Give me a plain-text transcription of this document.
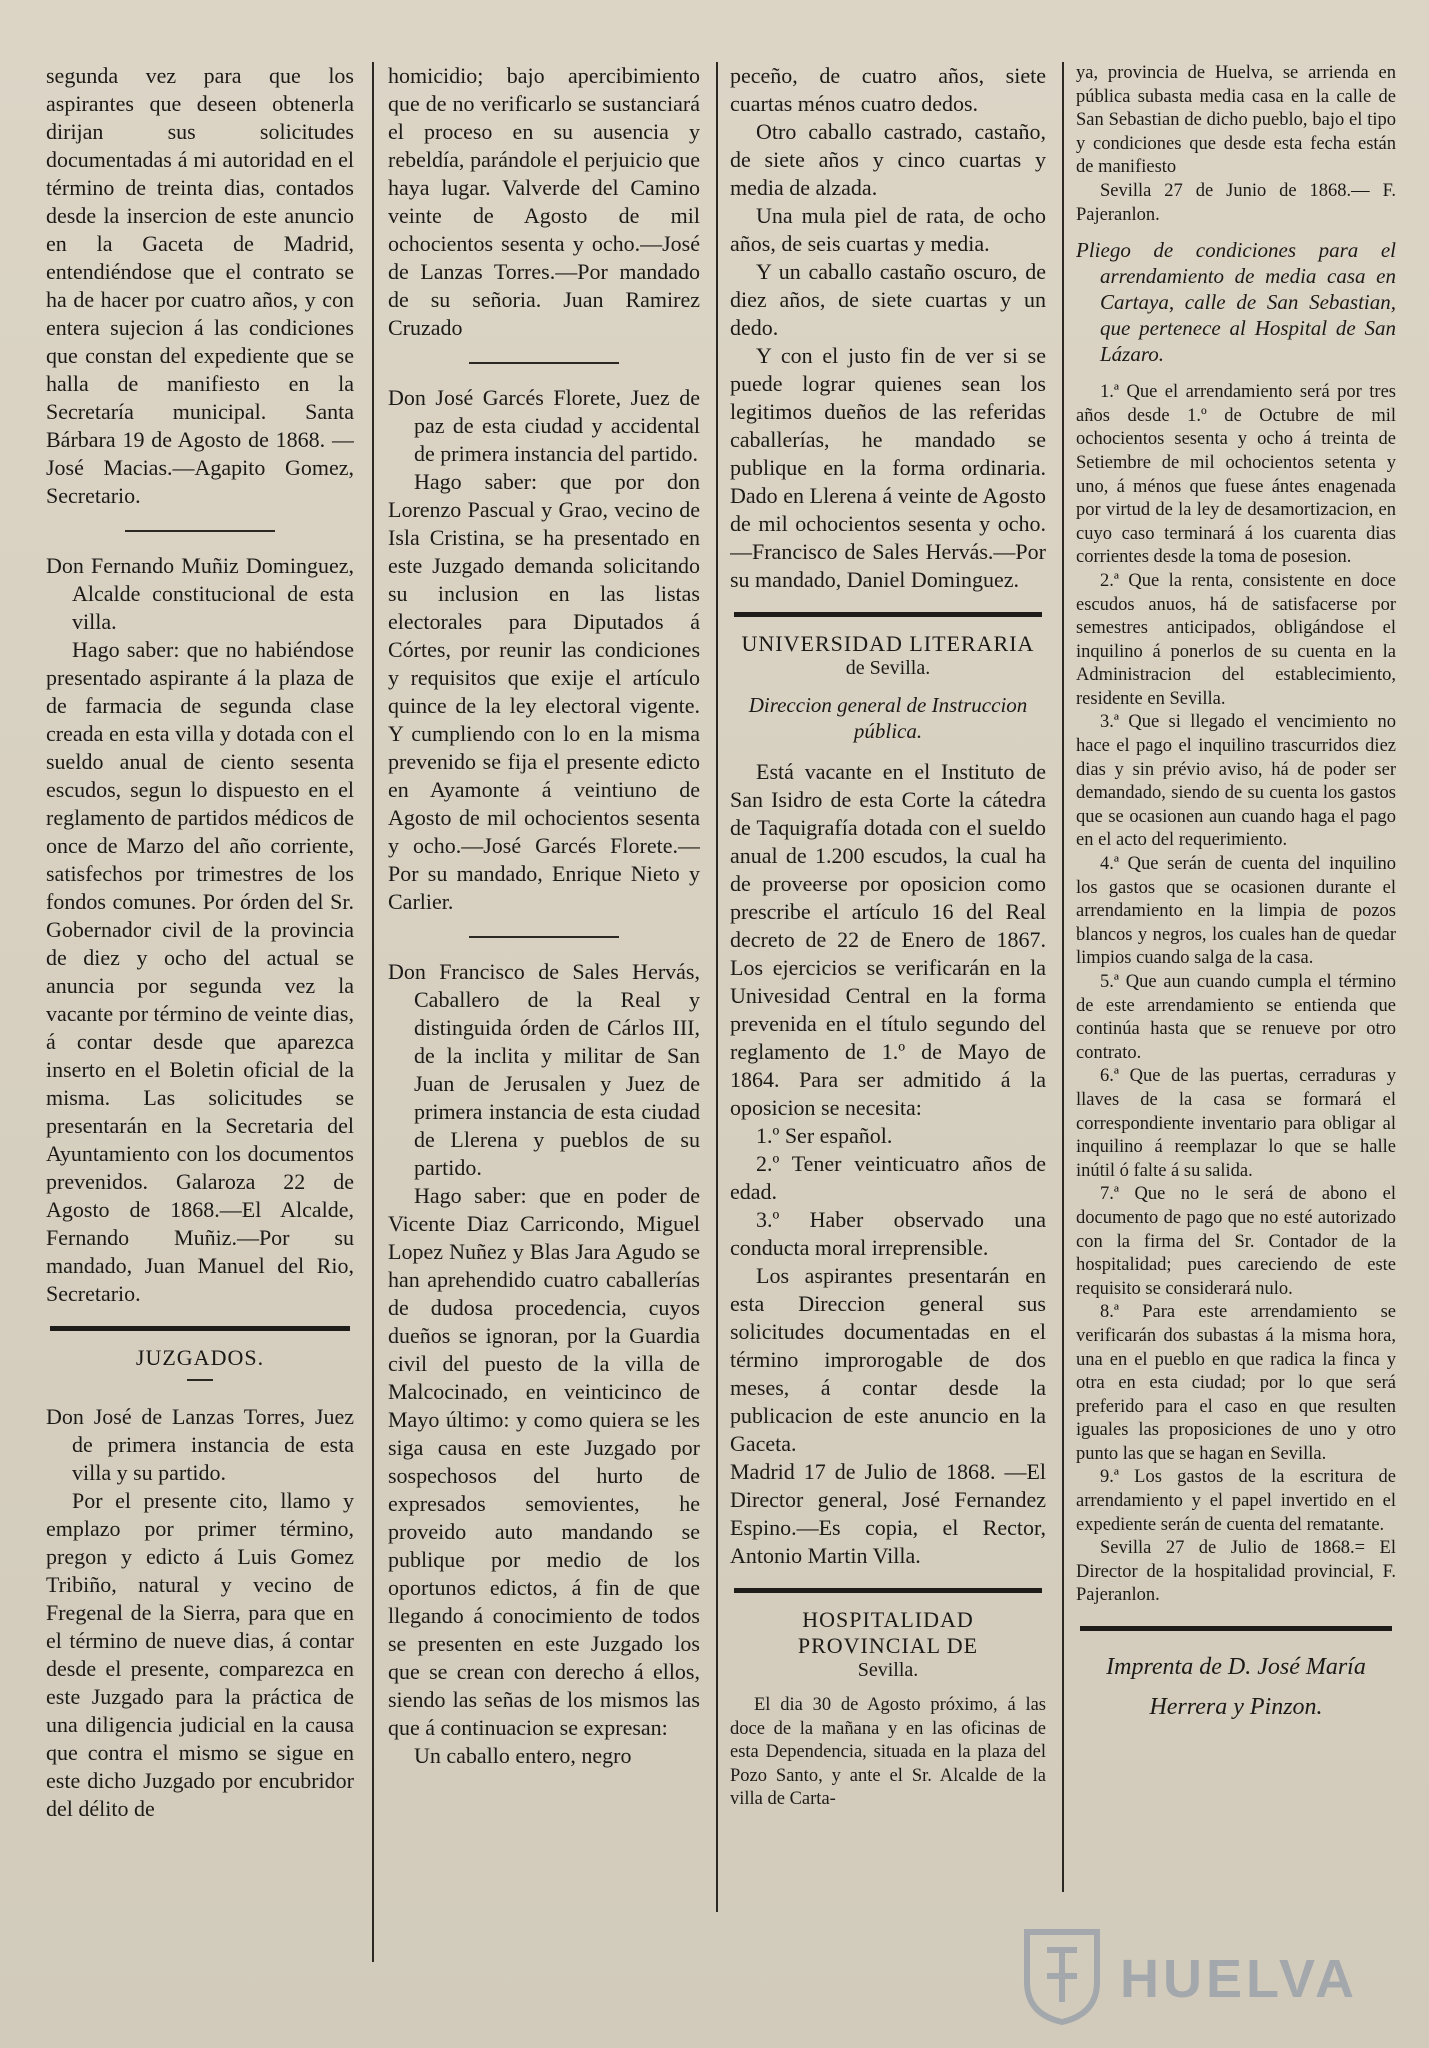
segunda vez para que los aspirantes que deseen obtenerla dirijan sus solicitudes documentadas á mi autoridad en el término de treinta dias, contados desde la insercion de este anuncio en la Gaceta de Madrid, entendiéndose que el contrato se ha de hacer por cuatro años, y con entera sujecion á las condiciones que constan del expediente que se halla de manifiesto en la Secretaría municipal. Santa Bárbara 19 de Agosto de 1868. —José Macias.—Agapito Gomez, Secretario.

Don Fernando Muñiz Dominguez, Alcalde constitucional de esta villa.

Hago saber: que no habiéndose presentado aspirante á la plaza de de farmacia de segunda clase creada en esta villa y dotada con el sueldo anual de ciento sesenta escudos, segun lo dispuesto en el reglamento de partidos médicos de once de Marzo del año corriente, satisfechos por trimestres de los fondos comunes. Por órden del Sr. Gobernador civil de la provincia de diez y ocho del actual se anuncia por segunda vez la vacante por término de veinte dias, á contar desde que aparezca inserto en el Boletin oficial de la misma. Las solicitudes se presentarán en la Secretaria del Ayuntamiento con los documentos prevenidos. Galaroza 22 de Agosto de 1868.—El Alcalde, Fernando Muñiz.—Por su mandado, Juan Manuel del Rio, Secretario.

JUZGADOS.

Don José de Lanzas Torres, Juez de primera instancia de esta villa y su partido.

Por el presente cito, llamo y emplazo por primer término, pregon y edicto á Luis Gomez Tribiño, natural y vecino de Fregenal de la Sierra, para que en el término de nueve dias, á contar desde el presente, comparezca en este Juzgado para la práctica de una diligencia judicial en la causa que contra el mismo se sigue en este dicho Juzgado por encubridor del délito de

homicidio; bajo apercibimiento que de no verificarlo se sustanciará el proceso en su ausencia y rebeldía, parándole el perjuicio que haya lugar. Valverde del Camino veinte de Agosto de mil ochocientos sesenta y ocho.—José de Lanzas Torres.—Por mandado de su señoria. Juan Ramirez Cruzado

Don José Garcés Florete, Juez de paz de esta ciudad y accidental de primera instancia del partido.

Hago saber: que por don Lorenzo Pascual y Grao, vecino de Isla Cristina, se ha presentado en este Juzgado demanda solicitando su inclusion en las listas electorales para Diputados á Córtes, por reunir las condiciones y requisitos que exije el artículo quince de la ley electoral vigente. Y cumpliendo con lo en la misma prevenido se fija el presente edicto en Ayamonte á veintiuno de Agosto de mil ochocientos sesenta y ocho.—José Garcés Florete.—Por su mandado, Enrique Nieto y Carlier.

Don Francisco de Sales Hervás, Caballero de la Real y distinguida órden de Cárlos III, de la inclita y militar de San Juan de Jerusalen y Juez de primera instancia de esta ciudad de Llerena y pueblos de su partido.

Hago saber: que en poder de Vicente Diaz Carricondo, Miguel Lopez Nuñez y Blas Jara Agudo se han aprehendido cuatro caballerías de dudosa procedencia, cuyos dueños se ignoran, por la Guardia civil del puesto de la villa de Malcocinado, en veinticinco de Mayo último: y como quiera se les siga causa en este Juzgado por sospechosos del hurto de expresados semovientes, he proveido auto mandando se publique por medio de los oportunos edictos, á fin de que llegando á conocimiento de todos se presenten en este Juzgado los que se crean con derecho á ellos, siendo las señas de los mismos las que á continuacion se expresan:

Un caballo entero, negro

peceño, de cuatro años, siete cuartas ménos cuatro dedos.

Otro caballo castrado, castaño, de siete años y cinco cuartas y media de alzada.

Una mula piel de rata, de ocho años, de seis cuartas y media.

Y un caballo castaño oscuro, de diez años, de siete cuartas y un dedo.

Y con el justo fin de ver si se puede lograr quienes sean los legitimos dueños de las referidas caballerías, he mandado se publique en la forma ordinaria. Dado en Llerena á veinte de Agosto de mil ochocientos sesenta y ocho.—Francisco de Sales Hervás.—Por su mandado, Daniel Dominguez.

UNIVERSIDAD LITERARIA
de Sevilla.
Direccion general de Instruccion pública.

Está vacante en el Instituto de San Isidro de esta Corte la cátedra de Taquigrafía dotada con el sueldo anual de 1.200 escudos, la cual ha de proveerse por oposicion como prescribe el artículo 16 del Real decreto de 22 de Enero de 1867. Los ejercicios se verificarán en la Univesidad Central en la forma prevenida en el título segundo del reglamento de 1.º de Mayo de 1864. Para ser admitido á la oposicion se necesita:

1.º Ser español.

2.º Tener veinticuatro años de edad.

3.º Haber observado una conducta moral irreprensible.

Los aspirantes presentarán en esta Direccion general sus solicitudes documentadas en el término improrogable de dos meses, á contar desde la publicacion de este anuncio en la Gaceta.

Madrid 17 de Julio de 1868. —El Director general, José Fernandez Espino.—Es copia, el Rector, Antonio Martin Villa.

HOSPITALIDAD PROVINCIAL DE
Sevilla.

El dia 30 de Agosto próximo, á las doce de la mañana y en las oficinas de esta Dependencia, situada en la plaza del Pozo Santo, y ante el Sr. Alcalde de la villa de Carta-

ya, provincia de Huelva, se arrienda en pública subasta media casa en la calle de San Sebastian de dicho pueblo, bajo el tipo y condiciones que desde esta fecha están de manifiesto

Sevilla 27 de Junio de 1868.— F. Pajeranlon.

Pliego de condiciones para el arrendamiento de media casa en Cartaya, calle de San Sebastian, que pertenece al Hospital de San Lázaro.

1.ª Que el arrendamiento será por tres años desde 1.º de Octubre de mil ochocientos sesenta y ocho á treinta de Setiembre de mil ochocientos setenta y uno, á ménos que fuese ántes enagenada por virtud de la ley de desamortizacion, en cuyo caso terminará á los cuarenta dias corrientes desde la toma de posesion.

2.ª Que la renta, consistente en doce escudos anuos, há de satisfacerse por semestres anticipados, obligándose el inquilino á ponerlos de su cuenta en la Administracion del establecimiento, residente en Sevilla.

3.ª Que si llegado el vencimiento no hace el pago el inquilino trascurridos diez dias y sin prévio aviso, há de poder ser demandado, siendo de su cuenta los gastos que se ocasionen aun cuando haga el pago en el acto del requerimiento.

4.ª Que serán de cuenta del inquilino los gastos que se ocasionen durante el arrendamiento en la limpia de pozos blancos y negros, los cuales han de quedar limpios cuando salga de la casa.

5.ª Que aun cuando cumpla el término de este arrendamiento se entienda que continúa hasta que se renueve por otro contrato.

6.ª Que de las puertas, cerraduras y llaves de la casa se formará el correspondiente inventario para obligar al inquilino á reemplazar lo que se halle inútil ó falte á su salida.

7.ª Que no le será de abono el documento de pago que no esté autorizado con la firma del Sr. Contador de la hospitalidad; pues careciendo de este requisito se considerará nulo.

8.ª Para este arrendamiento se verificarán dos subastas á la misma hora, una en el pueblo en que radica la finca y otra en esta ciudad; por lo que será preferido para el caso en que resulten iguales las proposiciones de uno y otro punto las que se hagan en Sevilla.

9.ª Los gastos de la escritura de arrendamiento y el papel invertido en el expediente serán de cuenta del rematante.

Sevilla 27 de Julio de 1868.= El Director de la hospitalidad provincial, F. Pajeranlon.

Imprenta de D. José María
Herrera y Pinzon.
HUELVA
